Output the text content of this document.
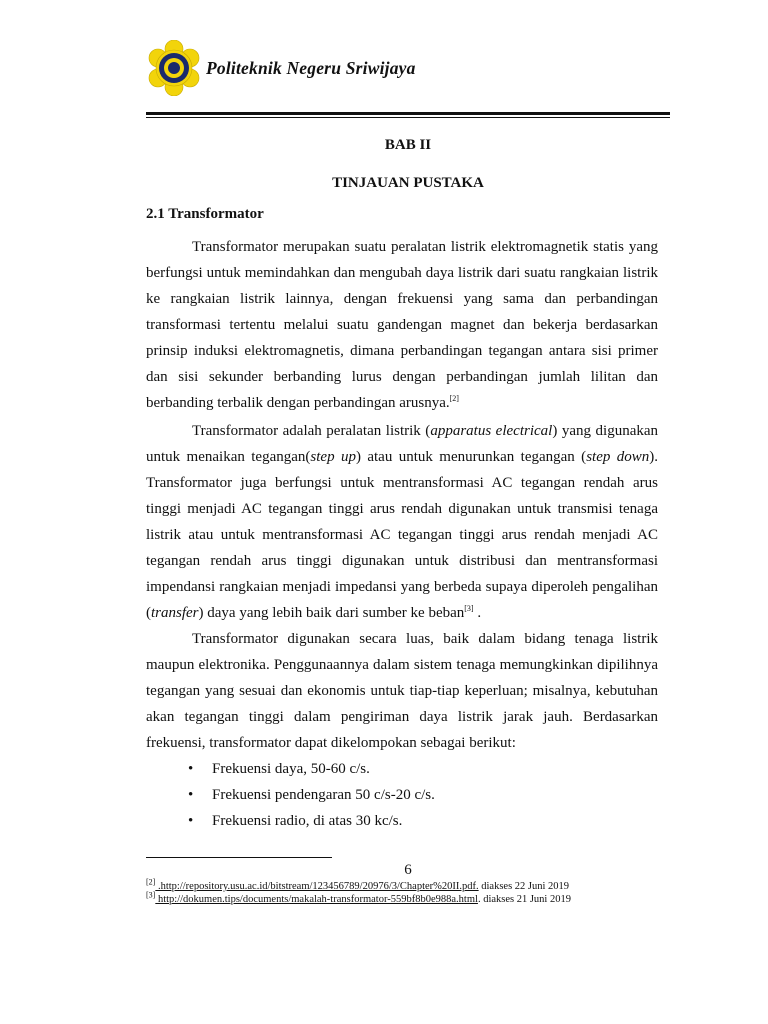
Politeknik Negeru Sriwijaya
BAB II
TINJAUAN PUSTAKA
2.1 Transformator
Transformator merupakan suatu peralatan listrik elektromagnetik statis yang berfungsi untuk memindahkan dan mengubah daya listrik dari suatu rangkaian listrik ke rangkaian listrik lainnya, dengan frekuensi yang sama dan perbandingan transformasi tertentu melalui suatu gandengan magnet dan bekerja berdasarkan prinsip induksi elektromagnetis, dimana perbandingan tegangan antara sisi primer dan sisi sekunder berbanding lurus dengan perbandingan jumlah lilitan dan berbanding terbalik dengan perbandingan arusnya.[2]
Transformator adalah peralatan listrik (apparatus electrical) yang digunakan untuk menaikan tegangan(step up) atau untuk menurunkan tegangan (step down). Transformator juga berfungsi untuk mentransformasi AC tegangan rendah arus tinggi menjadi AC tegangan tinggi arus rendah digunakan untuk transmisi tenaga listrik atau untuk mentransformasi AC tegangan tinggi arus rendah menjadi AC tegangan rendah arus tinggi digunakan untuk distribusi dan mentransformasi impendansi rangkaian menjadi impedansi yang berbeda supaya diperoleh pengalihan (transfer) daya yang lebih baik dari sumber ke beban[3] .
Transformator digunakan secara luas, baik dalam bidang tenaga listrik maupun elektronika. Penggunaannya dalam sistem tenaga memungkinkan dipilihnya tegangan yang sesuai dan ekonomis untuk tiap-tiap keperluan; misalnya, kebutuhan akan tegangan tinggi dalam pengiriman daya listrik jarak jauh. Berdasarkan frekuensi, transformator dapat dikelompokan sebagai berikut:
• Frekuensi daya, 50-60 c/s.
• Frekuensi pendengaran 50 c/s-20 c/s.
• Frekuensi radio, di atas 30 kc/s.
6
[2] .http://repository.usu.ac.id/bitstream/123456789/20976/3/Chapter%20II.pdf. diakses 22 Juni 2019
[3] http://dokumen.tips/documents/makalah-transformator-559bf8b0e988a.html. diakses 21 Juni 2019
